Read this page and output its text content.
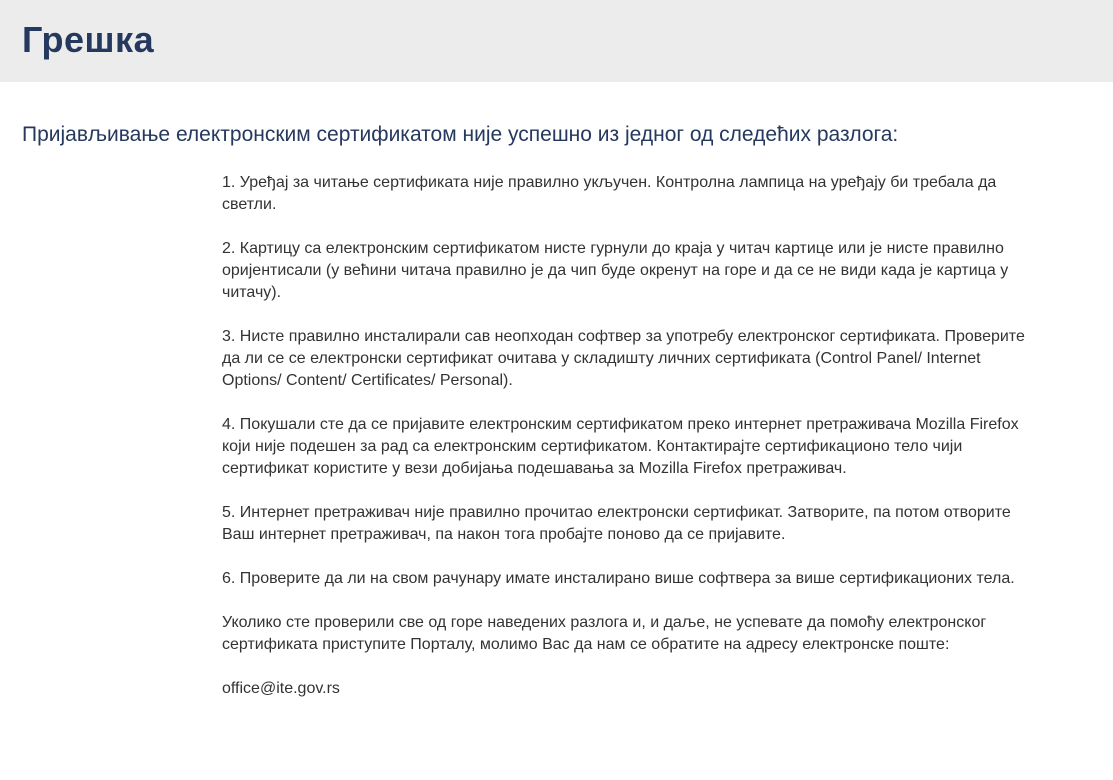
Грешка
Пријављивање електронским сертификатом није успешно из једног од следећих разлога:

1. Уређај за читање сертификата није правилно укључен. Контролна лампица на уређају би требала да светли.

2. Картицу са електронским сертификатом нисте гурнули до краја у читач картице или је нисте правилно оријентисали (у већини читача правилно је да чип буде окренут на горе и да се не види када је картица у читачу).

3. Нисте правилно инсталирали сав неопходан софтвер за употребу електронског сертификата. Проверите да ли се се електронски сертификат очитава у складишту личних сертификата (Control Panel/ Internet Options/ Content/ Certificates/ Personal).

4. Покушали сте да се пријавите електронским сертификатом преко интернет претраживача Mozilla Firefox који није подешен за рад са електронским сертификатом. Контактирајте сертификационо тело чији сертификат користите у вези добијања подешавања за Mozilla Firefox претраживач.

5. Интернет претраживач није правилно прочитао електронски сертификат. Затворите, па потом отворите Ваш интернет претраживач, па након тога пробајте поново да се пријавите.

6. Проверите да ли на свом рачунару имате инсталирано више софтвера за више сертификационих тела.

Уколико сте проверили све од горе наведених разлога и, и даље, не успевате да помоћу електронског сертификата приступите Порталу, молимо Вас да нам се обратите на адресу електронске поште:

office@ite.gov.rs
